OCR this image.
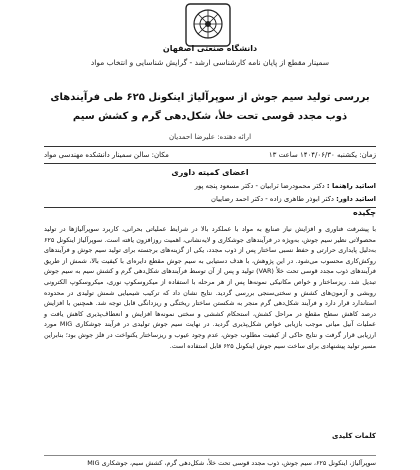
دانشگاه صنعتی اصفهان
سمینار مقطع از پایان نامه کارشناسی ارشد - گرایش شناسایی و انتخاب مواد
بررسی تولید سیم جوش از سوپرآلیاژ اینکونل ۶۲۵ طی فرآیندهای ذوب مجدد قوسی تحت خلأ، شکل‌دهی گرم و کشش سیم
ارائه دهنده: علیرضا احمدیان
زمان: یکشنبه ۱۴۰۴/۰۶/۳۰ ساعت ۱۳
مکان: سالن سمینار دانشکده مهندسی مواد
اعضای کمیته داوری
اساتید راهنما : دکتر محمودرضا ترابیان - دکتر مسعود پنجه پور
اساتید داور: دکتر ابوذر طاهری زاده - دکتر احمد رضاییان
چکیده
با پیشرفت فناوری و افزایش نیاز صنایع به مواد با عملکرد بالا در شرایط عملیاتی بحرانی، کاربرد سوپرآلیاژها در تولید محصولاتی نظیر سیم جوش، به‌ویژه در فرآیندهای جوشکاری و لایه‌نشانی، اهمیت روزافزون یافته است. سوپرآلیاژ اینکونل ۶۲۵ به‌دلیل پایداری حرارتی و حفظ نسبی ساختار پس از ذوب مجدد، یکی از گزینه‌های برجسته برای تولید سیم جوش و فرآیندهای روکش‌کاری محسوب می‌شود. در این پژوهش، با هدف دستیابی به سیم جوش مقطع دایره‌ای با کیفیت بالا، شمش از طریق فرآیندهای ذوب مجدد قوسی تحت خلأ (VAR) تولید و پس از آن توسط فرآیندهای شکل‌دهی گرم و کشش سیم به سیم جوش تبدیل شد. ریزساختار و خواص مکانیکی نمونه‌ها پس از هر مرحله با استفاده از میکروسکوپ نوری، میکروسکوپ الکترونی روبشی و آزمون‌های کشش و سختی‌سنجی بررسی گردید. نتایج نشان داد که ترکیب شیمیایی شمش تولیدی در محدوده استاندارد قرار دارد و فرآیند شکل‌دهی گرم منجر به شکستن ساختار ریختگی و ریزدانگی قابل توجه شد. همچنین با افزایش درصد کاهش سطح مقطع در مراحل کشش، استحکام کششی و سختی نمونه‌ها افزایش و انعطاف‌پذیری کاهش یافت و عملیات آنیل میانی موجب بازیابی خواص شکل‌پذیری گردید. در نهایت سیم جوش تولیدی در فرآیند جوشکاری MIG مورد ارزیابی قرار گرفت و نتایج حاکی از کیفیت مطلوب جوش، عدم وجود عیوب و ریزساختار یکنواخت در فلز جوش بود؛ بنابراین مسیر تولید پیشنهادی برای ساخت سیم جوش اینکونل ۶۲۵ قابل استفاده است.
کلمات کلیدی
سوپرآلیاژ، اینکونل ۶۲۵، سیم جوش، ذوب مجدد قوسی تحت خلأ، شکل‌دهی گرم، کشش سیم، جوشکاری MIG
